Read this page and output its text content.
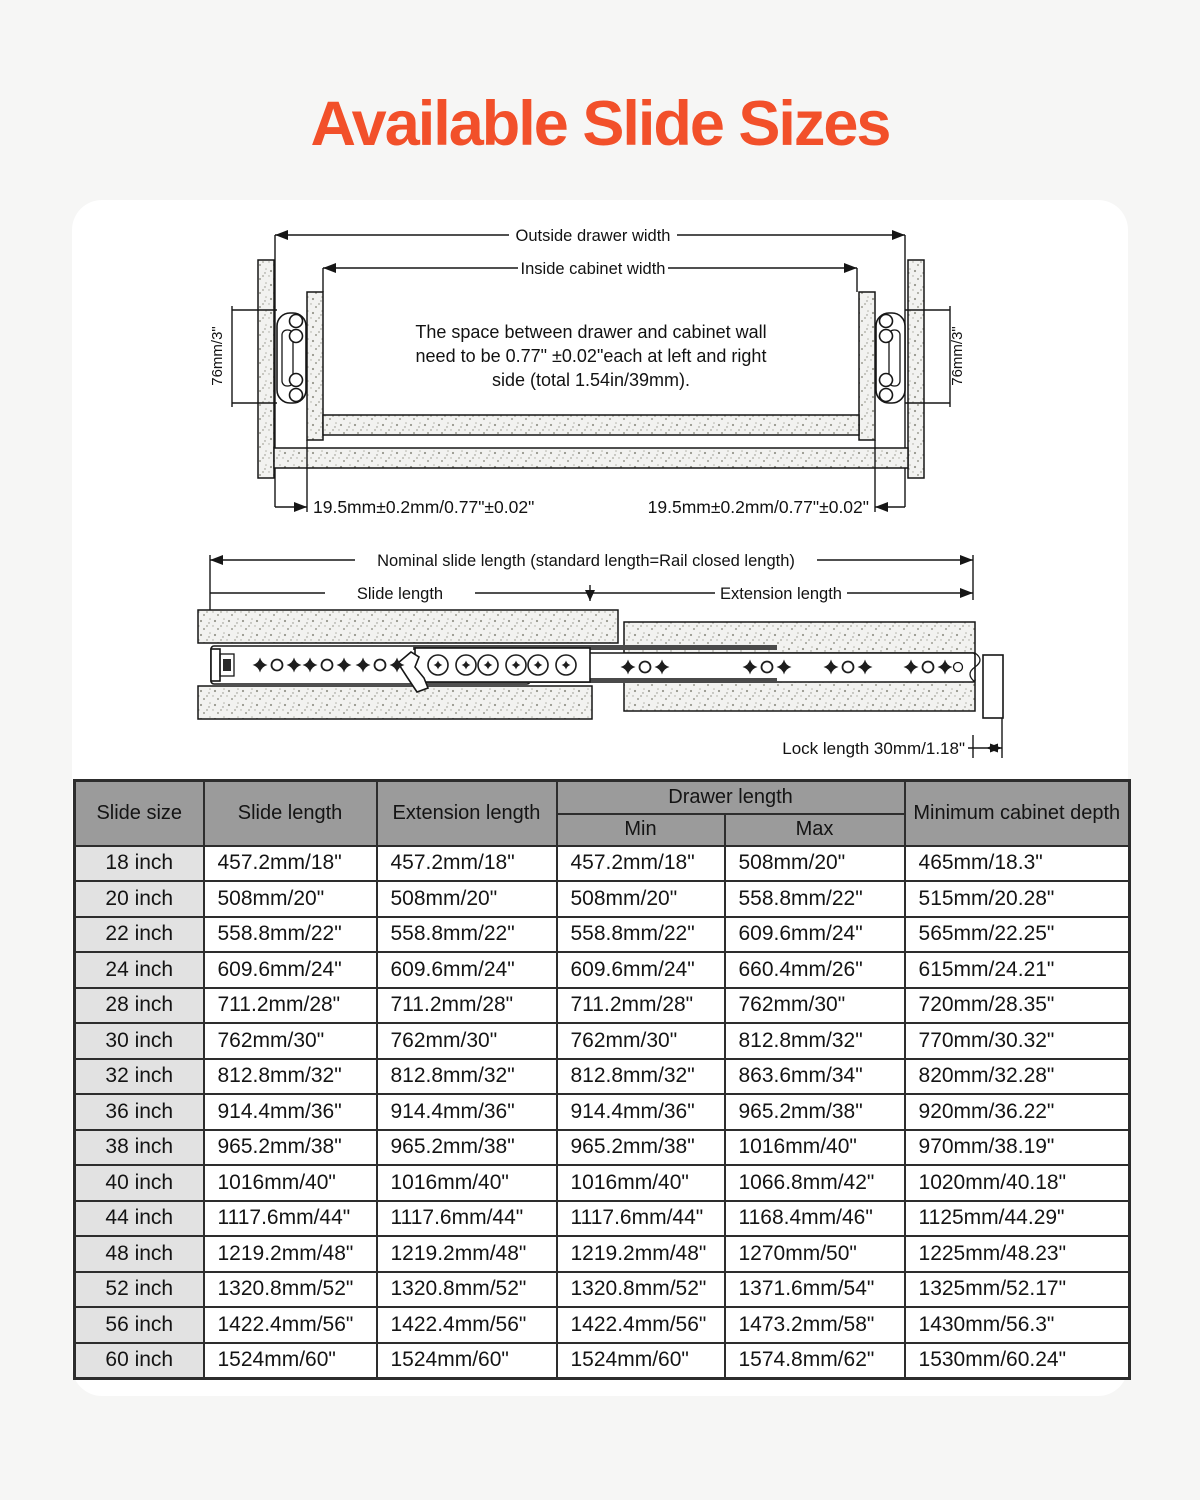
Available Slide Sizes
Outside drawer width
Inside cabinet width
76mm/3"	76mm/3"
The space between drawer and cabinet wall
need to be 0.77" ±0.02"each at left and right
side (total 1.54in/39mm).
19.5mm±0.2mm/0.77"±0.02"	19.5mm±0.2mm/0.77"±0.02"
Nominal slide length (standard length=Rail closed length)
Slide length	Extension length
Lock length 30mm/1.18"
Slide size	Slide length	Extension length	Drawer length		Minimum cabinet depth
			Min	Max	
18 inch	457.2mm/18"	457.2mm/18"	457.2mm/18"	508mm/20"	465mm/18.3"
20 inch	508mm/20"	508mm/20"	508mm/20"	558.8mm/22"	515mm/20.28"
22 inch	558.8mm/22"	558.8mm/22"	558.8mm/22"	609.6mm/24"	565mm/22.25"
24 inch	609.6mm/24"	609.6mm/24"	609.6mm/24"	660.4mm/26"	615mm/24.21"
28 inch	711.2mm/28"	711.2mm/28"	711.2mm/28"	762mm/30"	720mm/28.35"
30 inch	762mm/30"	762mm/30"	762mm/30"	812.8mm/32"	770mm/30.32"
32 inch	812.8mm/32"	812.8mm/32"	812.8mm/32"	863.6mm/34"	820mm/32.28"
36 inch	914.4mm/36"	914.4mm/36"	914.4mm/36"	965.2mm/38"	920mm/36.22"
38 inch	965.2mm/38"	965.2mm/38"	965.2mm/38"	1016mm/40"	970mm/38.19"
40 inch	1016mm/40"	1016mm/40"	1016mm/40"	1066.8mm/42"	1020mm/40.18"
44 inch	1117.6mm/44"	1117.6mm/44"	1117.6mm/44"	1168.4mm/46"	1125mm/44.29"
48 inch	1219.2mm/48"	1219.2mm/48"	1219.2mm/48"	1270mm/50"	1225mm/48.23"
52 inch	1320.8mm/52"	1320.8mm/52"	1320.8mm/52"	1371.6mm/54"	1325mm/52.17"
56 inch	1422.4mm/56"	1422.4mm/56"	1422.4mm/56"	1473.2mm/58"	1430mm/56.3"
60 inch	1524mm/60"	1524mm/60"	1524mm/60"	1574.8mm/62"	1530mm/60.24"
